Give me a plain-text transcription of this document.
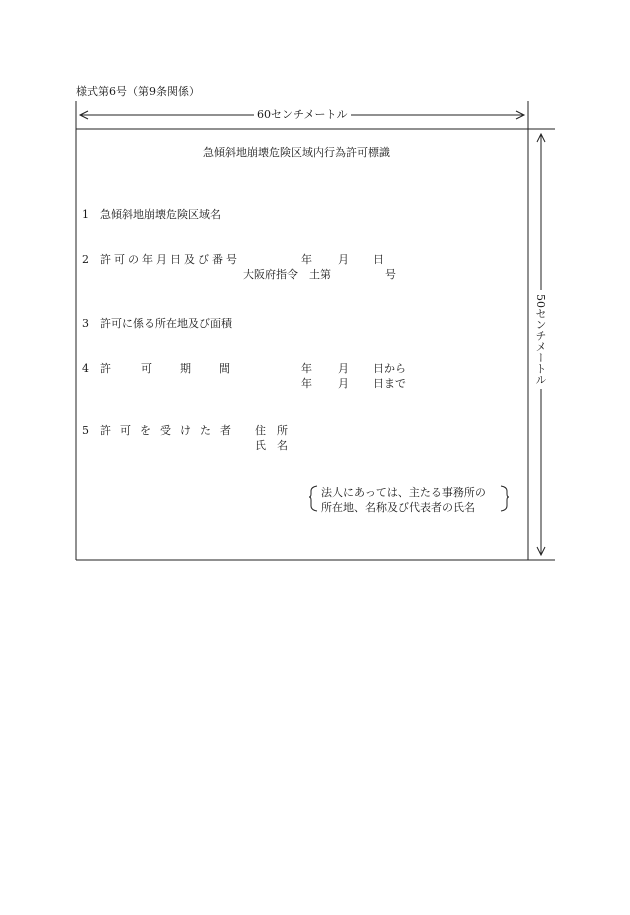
様式第6号（第9条関係）
60センチメートル
50センチメートル
急傾斜地崩壊危険区域内行為許可標識
1 急傾斜地崩壊危険区域名
2 許可の年月日及び番号	年 月 日
大阪府指令　土第	号
3 許可に係る所在地及び面積
4 許	可	期	間	年 月 日から
年 月 日まで
5 許可を受けた者 住　所
氏　名
法人にあっては、主たる事務所の
所在地、名称及び代表者の氏名
